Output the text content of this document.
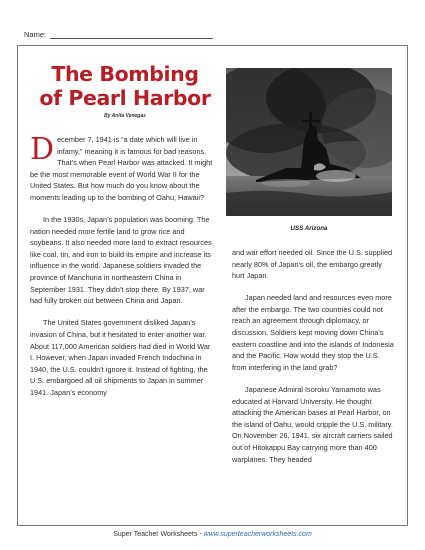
Name:
The Bombing
of Pearl Harbor
By Anita Venegas
USS Arizona

December 7, 1941 is “a date which will live in infamy,” meaning it is famous for bad reasons. That’s when Pearl Harbor was attacked. It might be the most memorable event of World War II for the United States. But how much do you know about the moments leading up to the bombing of Oahu, Hawaii?

In the 1930s, Japan’s population was booming. The nation needed more fertile land to grow rice and soybeans. It also needed more land to extract resources like coal, tin, and iron to build its empire and increase its influence in the world. Japanese soldiers invaded the province of Manchuria in northeastern China in September 1931. They didn’t stop there. By 1937, war had fully broken out between China and Japan.

The United States government disliked Japan’s invasion of China, but it hesitated to enter another war. About 117,000 American soldiers had died in World War I. However, when Japan invaded French Indochina in 1940, the U.S. couldn’t ignore it. Instead of fighting, the U.S. embargoed all oil shipments to Japan in summer 1941. Japan’s economy

and war effort needed oil. Since the U.S. supplied nearly 80% of Japan’s oil, the embargo greatly hurt Japan.

Japan needed land and resources even more after the embargo. The two countries could not reach an agreement through diplomacy, or discussion. Soldiers kept moving down China’s eastern coastline and into the islands of Indonesia and the Pacific. How would they stop the U.S. from interfering in the land grab?

Japanese Admiral Isoroku Yamamoto was educated at Harvard University. He thought attacking the American bases at Pearl Harbor, on the island of Oahu, would cripple the U.S. military. On November 26, 1941, six aircraft carriers sailed out of Hitokappu Bay carrying more than 400 warplanes. They headed

Super Teacher Worksheets - www.superteacherworksheets.com
